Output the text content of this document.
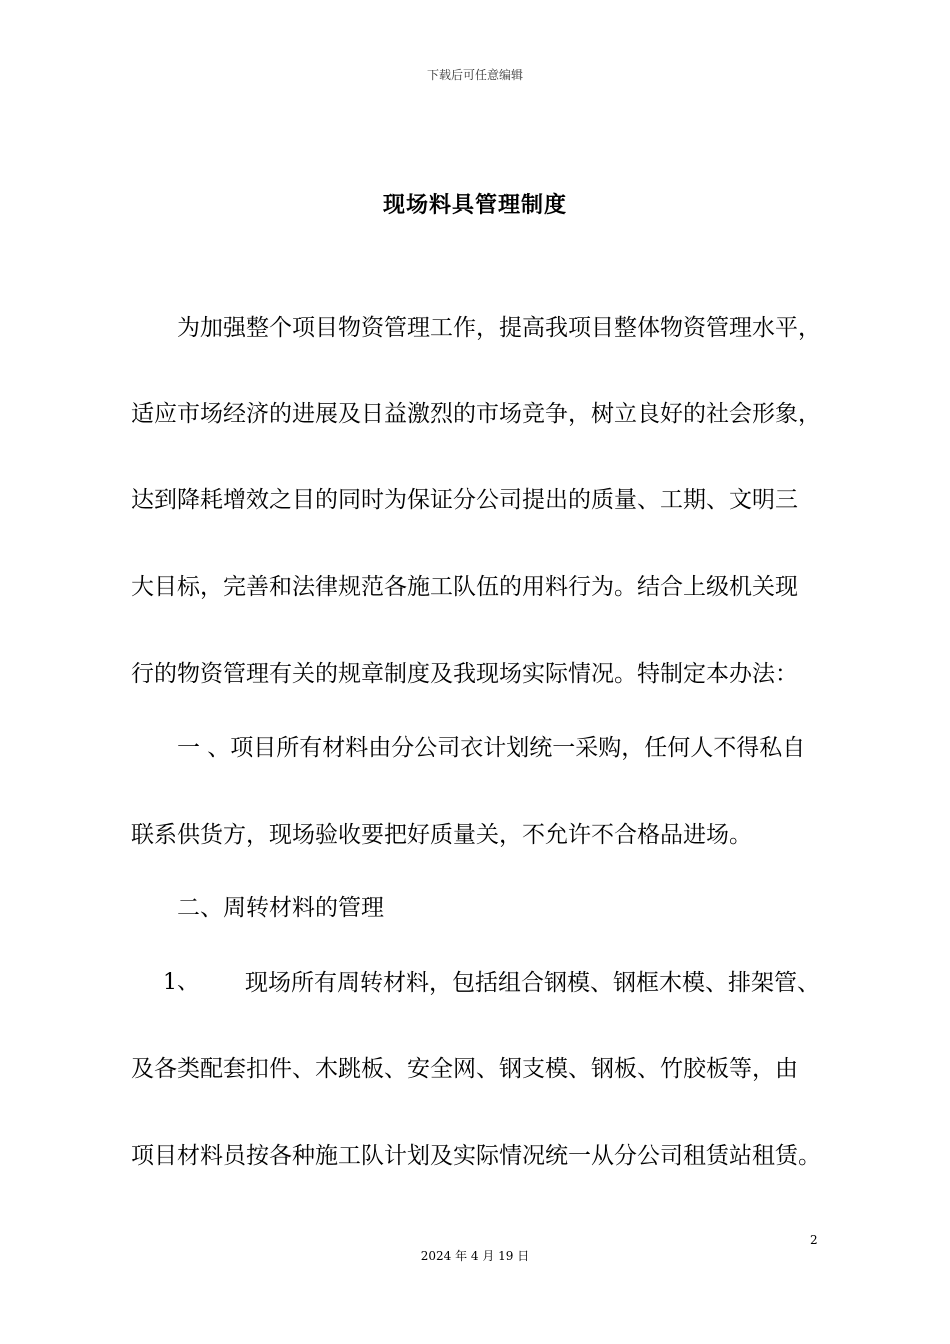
下载后可任意编辑
现场料具管理制度
为加强整个项目物资管理工作，提高我项目整体物资管理水平，
适应市场经济的进展及日益激烈的市场竞争，树立良好的社会形象，
达到降耗增效之目的同时为保证分公司提出的质量、工期、文明三
大目标，完善和法律规范各施工队伍的用料行为。结合上级机关现
行的物资管理有关的规章制度及我现场实际情况。特制定本办法：
一 、项目所有材料由分公司衣计划统一采购，任何人不得私自
联系供货方，现场验收要把好质量关，不允许不合格品进场。
二、周转材料的管理
1、 现场所有周转材料，包括组合钢模、钢框木模、排架管、
及各类配套扣件、木跳板、安全网、钢支模、钢板、竹胶板等，由
项目材料员按各种施工队计划及实际情况统一从分公司租赁站租赁。
2
2024 年 4 月 19 日
